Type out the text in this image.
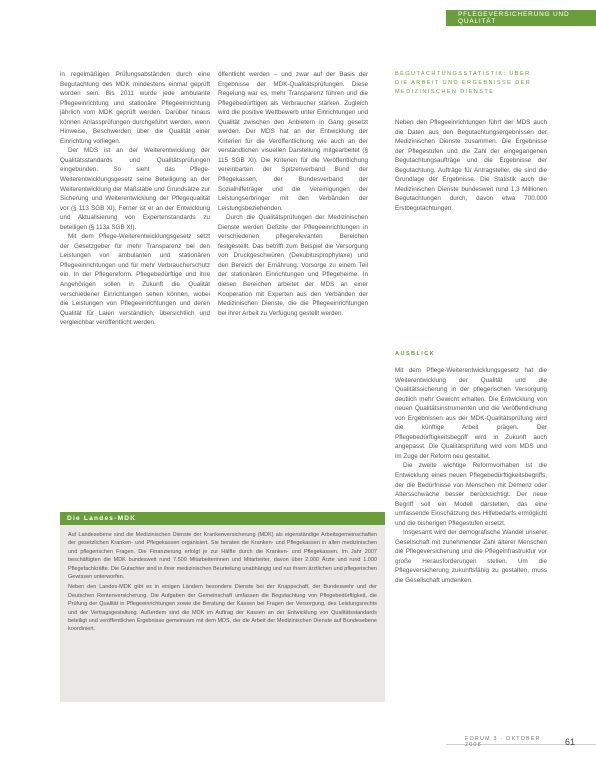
PFLEGEVERSICHERUNG UND QUALITÄT

in regelmäßigen Prüfungsabständen durch eine Begutachtung des MDK mindestens einmal geprüft worden sein. Bis 2011 wurde jede ambulante Pflegeeinrichtung und stationäre Pflegeeinrichtung jährlich vom MDK geprüft werden. Darüber hinaus können Anlassprüfungen durchgeführt werden, wenn Hinweise, Beschwerden über die Qualität einer Einrichtung vorliegen.

Der MDS ist an der Weiterentwicklung der Qualitätsstandards und Qualitätsprüfungen eingebunden. So sieht das Pflege-Weiterentwicklungsgesetz seine Beteiligung an der Weiterentwicklung der Maßstäbe und Grundsätze zur Sicherung und Weiterentwicklung der Pflegequalität vor (§ 113 SGB XI). Ferner ist er an der Entwicklung und Aktualisierung von Expertenstandards zu beteiligen (§ 113a SGB XI).

Mit dem Pflege-Weiterentwicklungsgesetz setzt der Gesetzgeber für mehr Transparenz bei den Leistungen von ambulanten und stationären Pflegeeinrichtungen und für mehr Verbraucherschutz ein. In der Pflegereform. Pflegebedürftige und ihre Angehörigen sollen in Zukunft die Qualität verschiedener Einrichtungen sehen können, wobei die Leistungen von Pflegeeinrichtungen und deren Qualität für Laien verständlich, übersichtlich und vergleichbar veröffentlicht werden.

öffentlicht werden – und zwar auf der Basis der Ergebnisse der MDK-Qualitätsprüfungen. Diese Regelung war es, mehr Transparenz führen und die Pflegebedürftigen als Verbraucher stärken. Zugleich wird die positive Wettbewerb unter Einrichtungen und Qualität zwischen den Anbietern in Gang gesetzt werden. Der MDS hat an der Entwicklung der Kriterien für die Veröffentlichung wie auch an der verständlichen visuellen Darstellung mitgearbeitet (§ 115 SGB XI). Die Kriterien für die Veröffentlichung vereinbarten der Spitzenverband Bund der Pflegekassen, der Bundesverband der Sozialhilfeträger und die Vereinigungen der Leistungserbringer mit den Verbänden der Leistungsbeziehenden.

Durch die Qualitätsprüfungen der Medizinischen Dienste werden Defizite der Pflegeeinrichtungen in verschiedenen pflegerelevanten Bereichen festgestellt. Das betrifft zum Beispiel die Versorgung von Druckgeschwüren (Dekubitusprophylaxe) und den Bereich der Ernährung. Vorsorge zu einem Teil der stationären Einrichtungen und Pflegeheime. In diesen Bereichen arbeitet der MDS an einer Kooperation mit Experten aus den Verbänden der Medizinischen Dienste, die die Pflegeeinrichtungen bei ihrer Arbeit zu Verfügung gestellt werden.

BEGUTACHTUNGSSTATISTIK: ÜBER DIE ARBEIT UND ERGEBNISSE DER MEDIZINISCHEN DIENSTE

Neben den Pflegeeinrichtungen führt der MDS auch die Daten aus den Begutachtungsergebnissen der Medizinischen Dienste zusammen. Die Ergebnisse der Pflegestufen und die Zahl der eingegangenen Begutachtungsaufträge und die Ergebnisse der Begutachtung. Aufträge für Antragsteller, die sind die Grundlage der Ergebnisse. Die Statistik auch die Medizinischen Dienste bundesweit rund 1,3 Millionen Begutachtungen durch, davon etwa 700.000 Erstbegutachtungen.

AUSBLICK

Mit dem Pflege-Weiterentwicklungsgesetz hat die Weiterentwicklung der Qualität und die Qualitätssicherung in der pflegerischen Versorgung deutlich mehr Gewicht erhalten. Die Entwicklung von neuen Qualitätsinstrumenten und die Veröffentlichung von Ergebnissen aus der MDK-Qualitätsprüfung wird die künftige Arbeit prägen. Der Pflegebedürftigkeitsbegriff wird in Zukunft auch angepasst. Die Qualitätsprüfung wird vom MDS und im Zuge der Reform neu gestaltet.

Die zweite wichtige Reformvorhaben ist die Entwicklung eines neuen Pflegebedürftigkeitsbegriffs, der die Bedürfnisse von Menschen mit Demenz oder Altersschwäche besser berücksichtigt. Der neue Begriff soll ein Modell darstellen, das eine umfassende Einschätzung des Hilfebedarfs ermöglicht und die bisherigen Pflegestufen ersetzt.

Insgesamt wird der demografische Wandel unserer Gesellschaft mit zunehmender Zahl älterer Menschen die Pflegeversicherung und die Pflegeinfrastruktur vor große Herausforderungen stellen. Um die Pflegeversicherung zukunftsfähig zu gestalten, muss die Gesellschaft umdenken.

Die Landes-MDK

Auf Landesebene sind die Medizinischen Dienste der Krankenversicherung (MDK) als eigenständige Arbeitsgemeinschaften der gesetzlichen Kranken- und Pflegekassen organisiert. Sie beraten die Kranken- und Pflegekassen in allen medizinischen und pflegerischen Fragen. Die Finanzierung erfolgt je zur Hälfte durch die Kranken- und Pflegekassen. Im Jahr 2007 beschäftigten die MDK bundesweit rund 7.500 Mitarbeiterinnen und Mitarbeiter, davon über 2.000 Ärzte und rund 1.000 Pflegefachkräfte. Die Gutachter sind in ihrer medizinischen Beurteilung unabhängig und nur ihrem ärztlichen und pflegerischen Gewissen unterworfen.

Neben den Landes-MDK gibt es in einigen Ländern besondere Dienste bei der Knappschaft, der Bundeswehr und der Deutschen Rentenversicherung. Die Aufgaben der Gemeinschaft umfassen die Begutachtung von Pflegebedürftigkeit, die Prüfung der Qualität in Pflegeeinrichtungen sowie die Beratung der Kassen bei Fragen der Versorgung, des Leistungsrechts und der Vertragsgestaltung. Außerdem sind die MDK im Auftrag der Kassen an der Entwicklung von Qualitätsstandards beteiligt und veröffentlichen Ergebnisse gemeinsam mit dem MDS, der die Arbeit der Medizinischen Dienste auf Bundesebene koordiniert.

FORUM 3 · OKTOBER 2008	61
